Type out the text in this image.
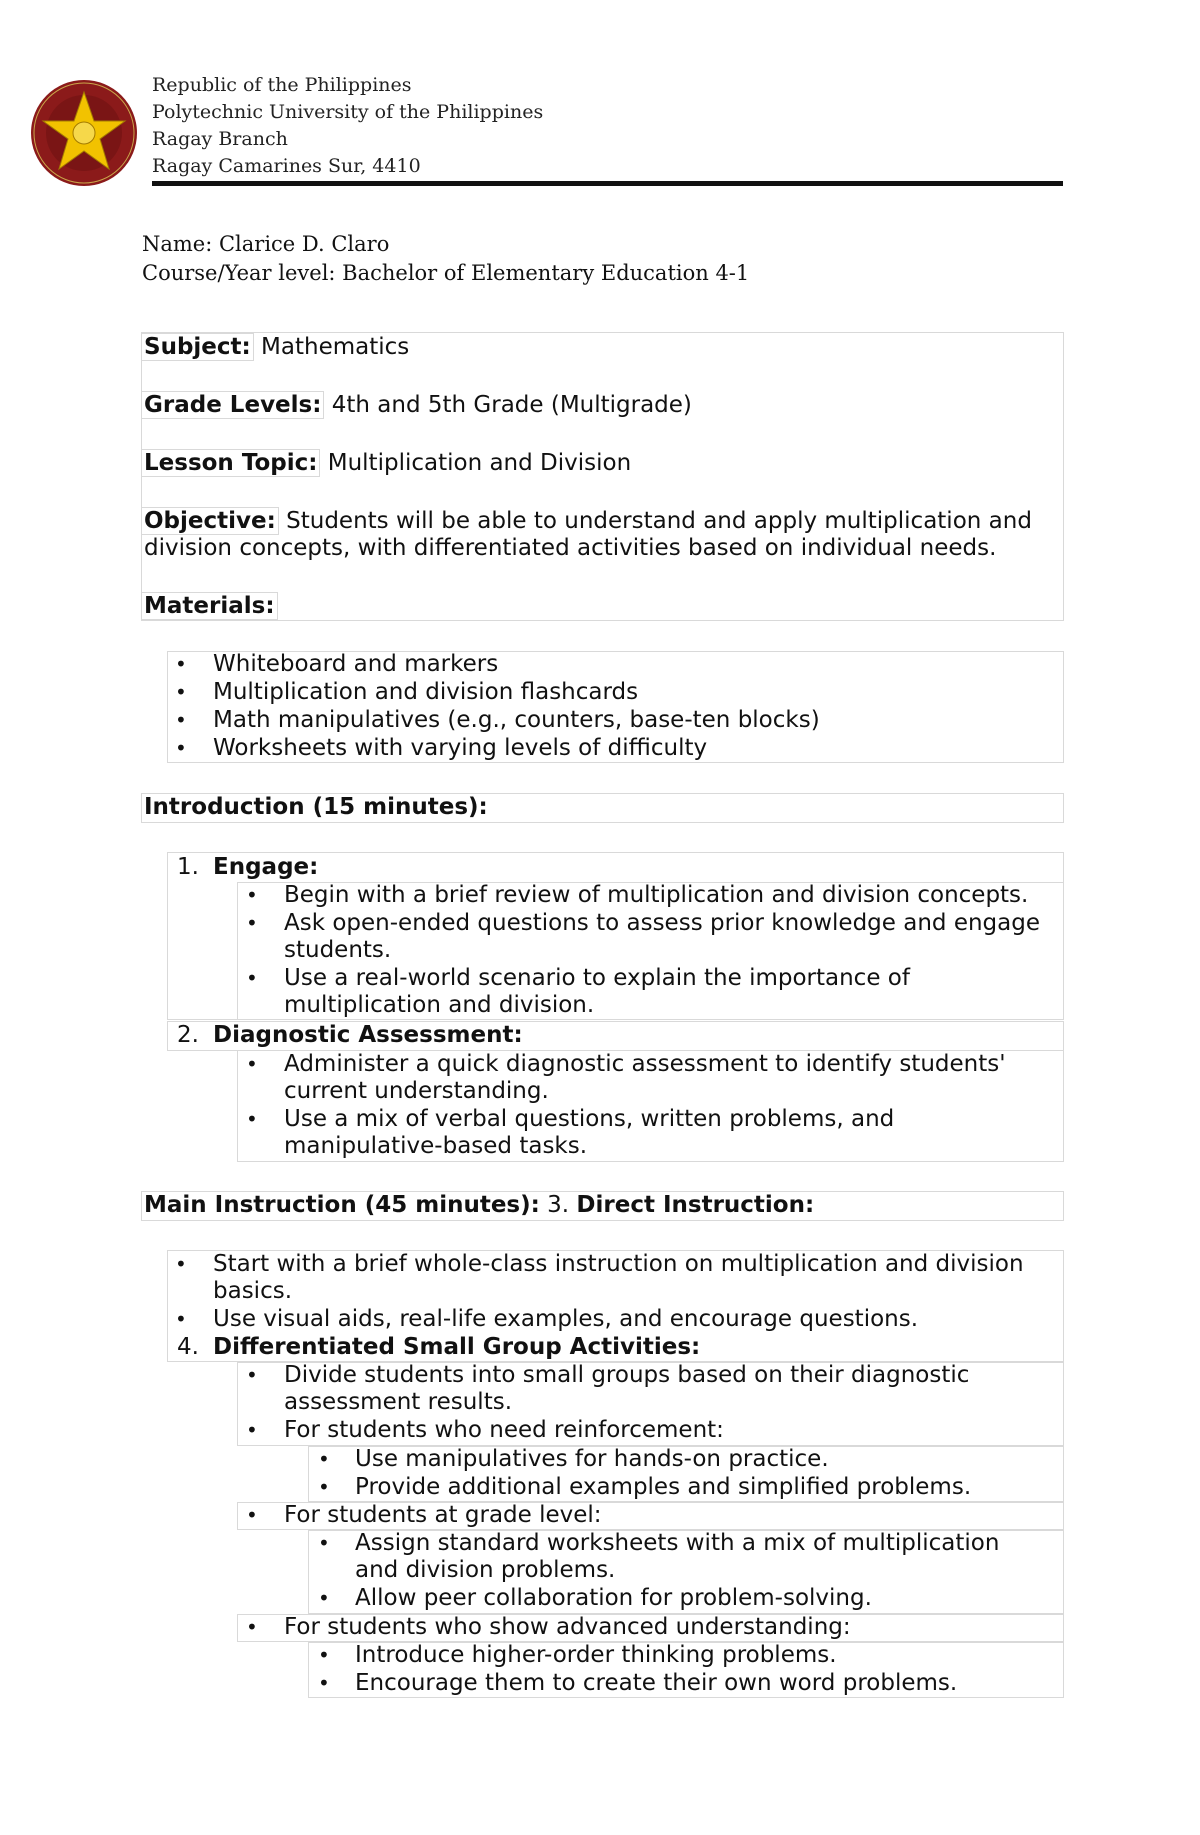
Republic of the Philippines
Polytechnic University of the Philippines
Ragay Branch
Ragay Camarines Sur, 4410
Name: Clarice D. Claro
Course/Year level: Bachelor of Elementary Education 4-1
Subject: Mathematics
Grade Levels: 4th and 5th Grade (Multigrade)
Lesson Topic: Multiplication and Division
Objective: Students will be able to understand and apply multiplication and
division concepts, with differentiated activities based on individual needs.
Materials:
• Whiteboard and markers
• Multiplication and division flashcards
• Math manipulatives (e.g., counters, base-ten blocks)
• Worksheets with varying levels of difficulty
Introduction (15 minutes):
1. Engage:
• Begin with a brief review of multiplication and division concepts.
• Ask open-ended questions to assess prior knowledge and engage
students.
• Use a real-world scenario to explain the importance of
multiplication and division.
2. Diagnostic Assessment:
• Administer a quick diagnostic assessment to identify students'
current understanding.
• Use a mix of verbal questions, written problems, and
manipulative-based tasks.
Main Instruction (45 minutes): 3. Direct Instruction:
• Start with a brief whole-class instruction on multiplication and division
basics.
• Use visual aids, real-life examples, and encourage questions.
4. Differentiated Small Group Activities:
• Divide students into small groups based on their diagnostic
assessment results.
• For students who need reinforcement:
• Use manipulatives for hands-on practice.
• Provide additional examples and simplified problems.
• For students at grade level:
• Assign standard worksheets with a mix of multiplication
and division problems.
• Allow peer collaboration for problem-solving.
• For students who show advanced understanding:
• Introduce higher-order thinking problems.
• Encourage them to create their own word problems.
